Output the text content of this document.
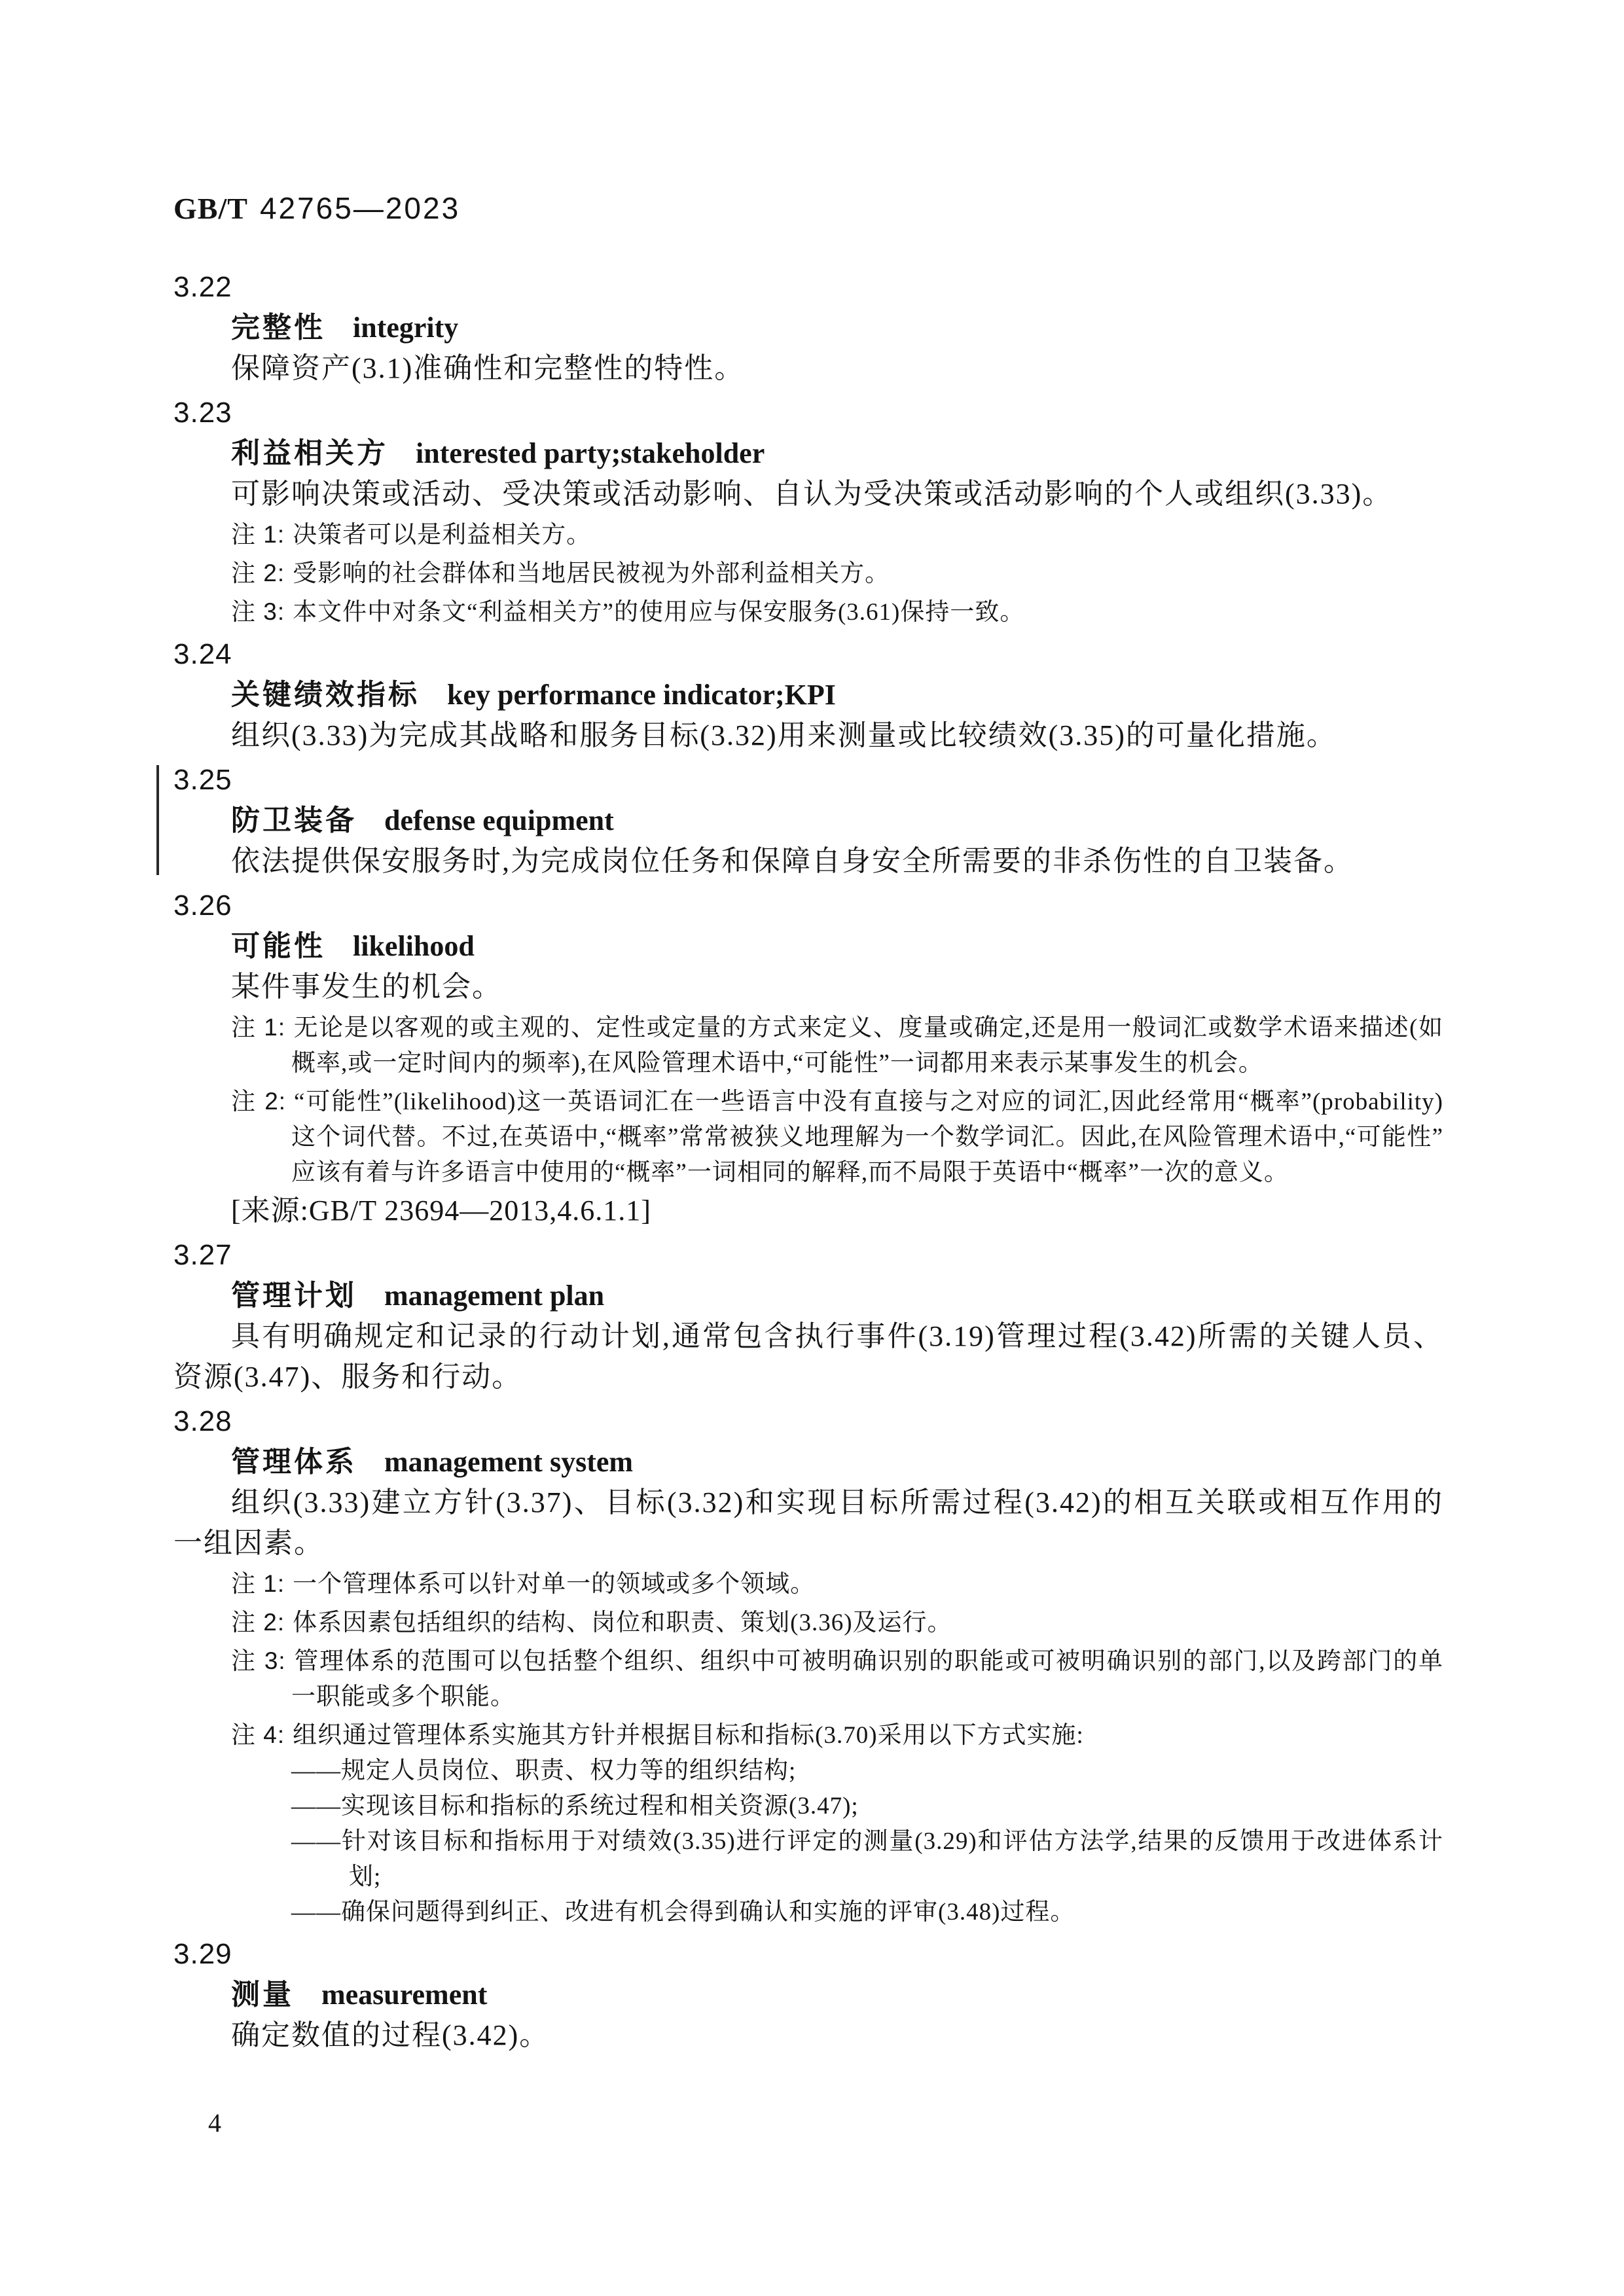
GB/T 42765—2023
3.22
完整性 integrity

保障资产(3.1)准确性和完整性的特性。

3.23
利益相关方 interested party;stakeholder

可影响决策或活动、受决策或活动影响、自认为受决策或活动影响的个人或组织(3.33)。

注 1: 决策者可以是利益相关方。
注 2: 受影响的社会群体和当地居民被视为外部利益相关方。
注 3: 本文件中对条文“利益相关方”的使用应与保安服务(3.61)保持一致。
3.24
关键绩效指标 key performance indicator;KPI

组织(3.33)为完成其战略和服务目标(3.32)用来测量或比较绩效(3.35)的可量化措施。

3.25
防卫装备 defense equipment

依法提供保安服务时,为完成岗位任务和保障自身安全所需要的非杀伤性的自卫装备。

3.26
可能性 likelihood

某件事发生的机会。

注 1: 无论是以客观的或主观的、定性或定量的方式来定义、度量或确定,还是用一般词汇或数学术语来描述(如概率,或一定时间内的频率),在风险管理术语中,“可能性”一词都用来表示某事发生的机会。
注 2: “可能性”(likelihood)这一英语词汇在一些语言中没有直接与之对应的词汇,因此经常用“概率”(probability)这个词代替。不过,在英语中,“概率”常常被狭义地理解为一个数学词汇。因此,在风险管理术语中,“可能性”应该有着与许多语言中使用的“概率”一词相同的解释,而不局限于英语中“概率”一次的意义。

[来源:GB/T 23694—2013,4.6.1.1]

3.27
管理计划 management plan

具有明确规定和记录的行动计划,通常包含执行事件(3.19)管理过程(3.42)所需的关键人员、资源(3.47)、服务和行动。

3.28
管理体系 management system

组织(3.33)建立方针(3.37)、目标(3.32)和实现目标所需过程(3.42)的相互关联或相互作用的一组因素。

注 1: 一个管理体系可以针对单一的领域或多个领域。
注 2: 体系因素包括组织的结构、岗位和职责、策划(3.36)及运行。
注 3: 管理体系的范围可以包括整个组织、组织中可被明确识别的职能或可被明确识别的部门,以及跨部门的单一职能或多个职能。
注 4: 组织通过管理体系实施其方针并根据目标和指标(3.70)采用以下方式实施:

——规定人员岗位、职责、权力等的组织结构;

——实现该目标和指标的系统过程和相关资源(3.47);

——针对该目标和指标用于对绩效(3.35)进行评定的测量(3.29)和评估方法学,结果的反馈用于改进体系计划;

——确保问题得到纠正、改进有机会得到确认和实施的评审(3.48)过程。

3.29
测量 measurement

确定数值的过程(3.42)。

4
